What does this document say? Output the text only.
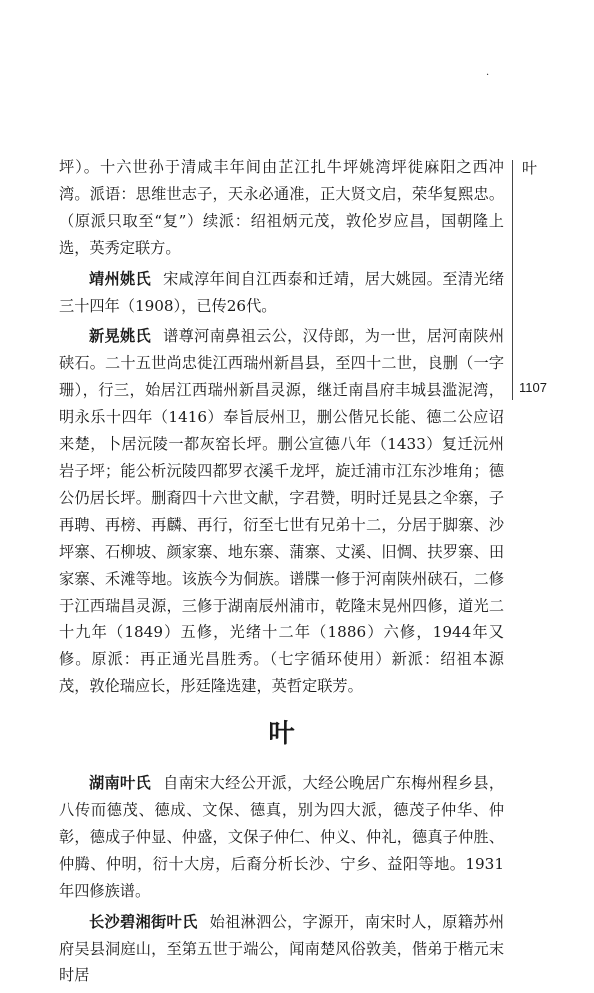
·
叶
1107

坪）。十六世孙于清咸丰年间由芷江扎牛坪姚湾坪徙麻阳之西冲湾。派语：思维世志子，天永必通准，正大贤文启，荣华复熙忠。（原派只取至“复”）续派：绍祖炳元茂，敦伦岁应昌，国朝隆上选，英秀定联方。

靖州姚氏 宋咸淳年间自江西泰和迁靖，居大姚园。至清光绪三十四年（1908），已传26代。

新晃姚氏 谱尊河南鼻祖云公，汉侍郎，为一世，居河南陕州硖石。二十五世尚忠徙江西瑞州新昌县，至四十二世，良删（一字珊），行三，始居江西瑞州新昌灵源，继迁南昌府丰城县滥泥湾，明永乐十四年（1416）奉旨辰州卫，删公偕兄长能、德二公应诏来楚，卜居沅陵一都灰窑长坪。删公宣德八年（1433）复迁沅州岩子坪；能公析沅陵四都罗衣溪千龙坪，旋迁浦市江东沙堆角；德公仍居长坪。删裔四十六世文献，字君赞，明时迁晃县之伞寨，子再聘、再榜、再麟、再行，衍至七世有兄弟十二，分居于脚寨、沙坪寨、石柳坡、颜家寨、地东寨、蒲寨、丈溪、旧惆、扶罗寨、田家寨、禾滩等地。该族今为侗族。谱牒一修于河南陕州硖石，二修于江西瑞昌灵源，三修于湖南辰州浦市，乾隆末晃州四修，道光二十九年（1849）五修，光绪十二年（1886）六修，1944年又修。原派：再正通光昌胜秀。（七字循环使用）新派：绍祖本源茂，敦伦瑞应长，彤廷隆选建，英哲定联芳。

叶

湖南叶氏 自南宋大经公开派，大经公晚居广东梅州程乡县，八传而德茂、德成、文保、德真，别为四大派，德茂子仲华、仲彰，德成子仲显、仲盛，文保子仲仁、仲义、仲礼，德真子仲胜、仲腾、仲明，衍十大房，后裔分析长沙、宁乡、益阳等地。1931年四修族谱。

长沙碧湘街叶氏 始祖淋泗公，字源开，南宋时人，原籍苏州府吴县洞庭山，至第五世于端公，闻南楚风俗敦美，偕弟于楷元末时居
